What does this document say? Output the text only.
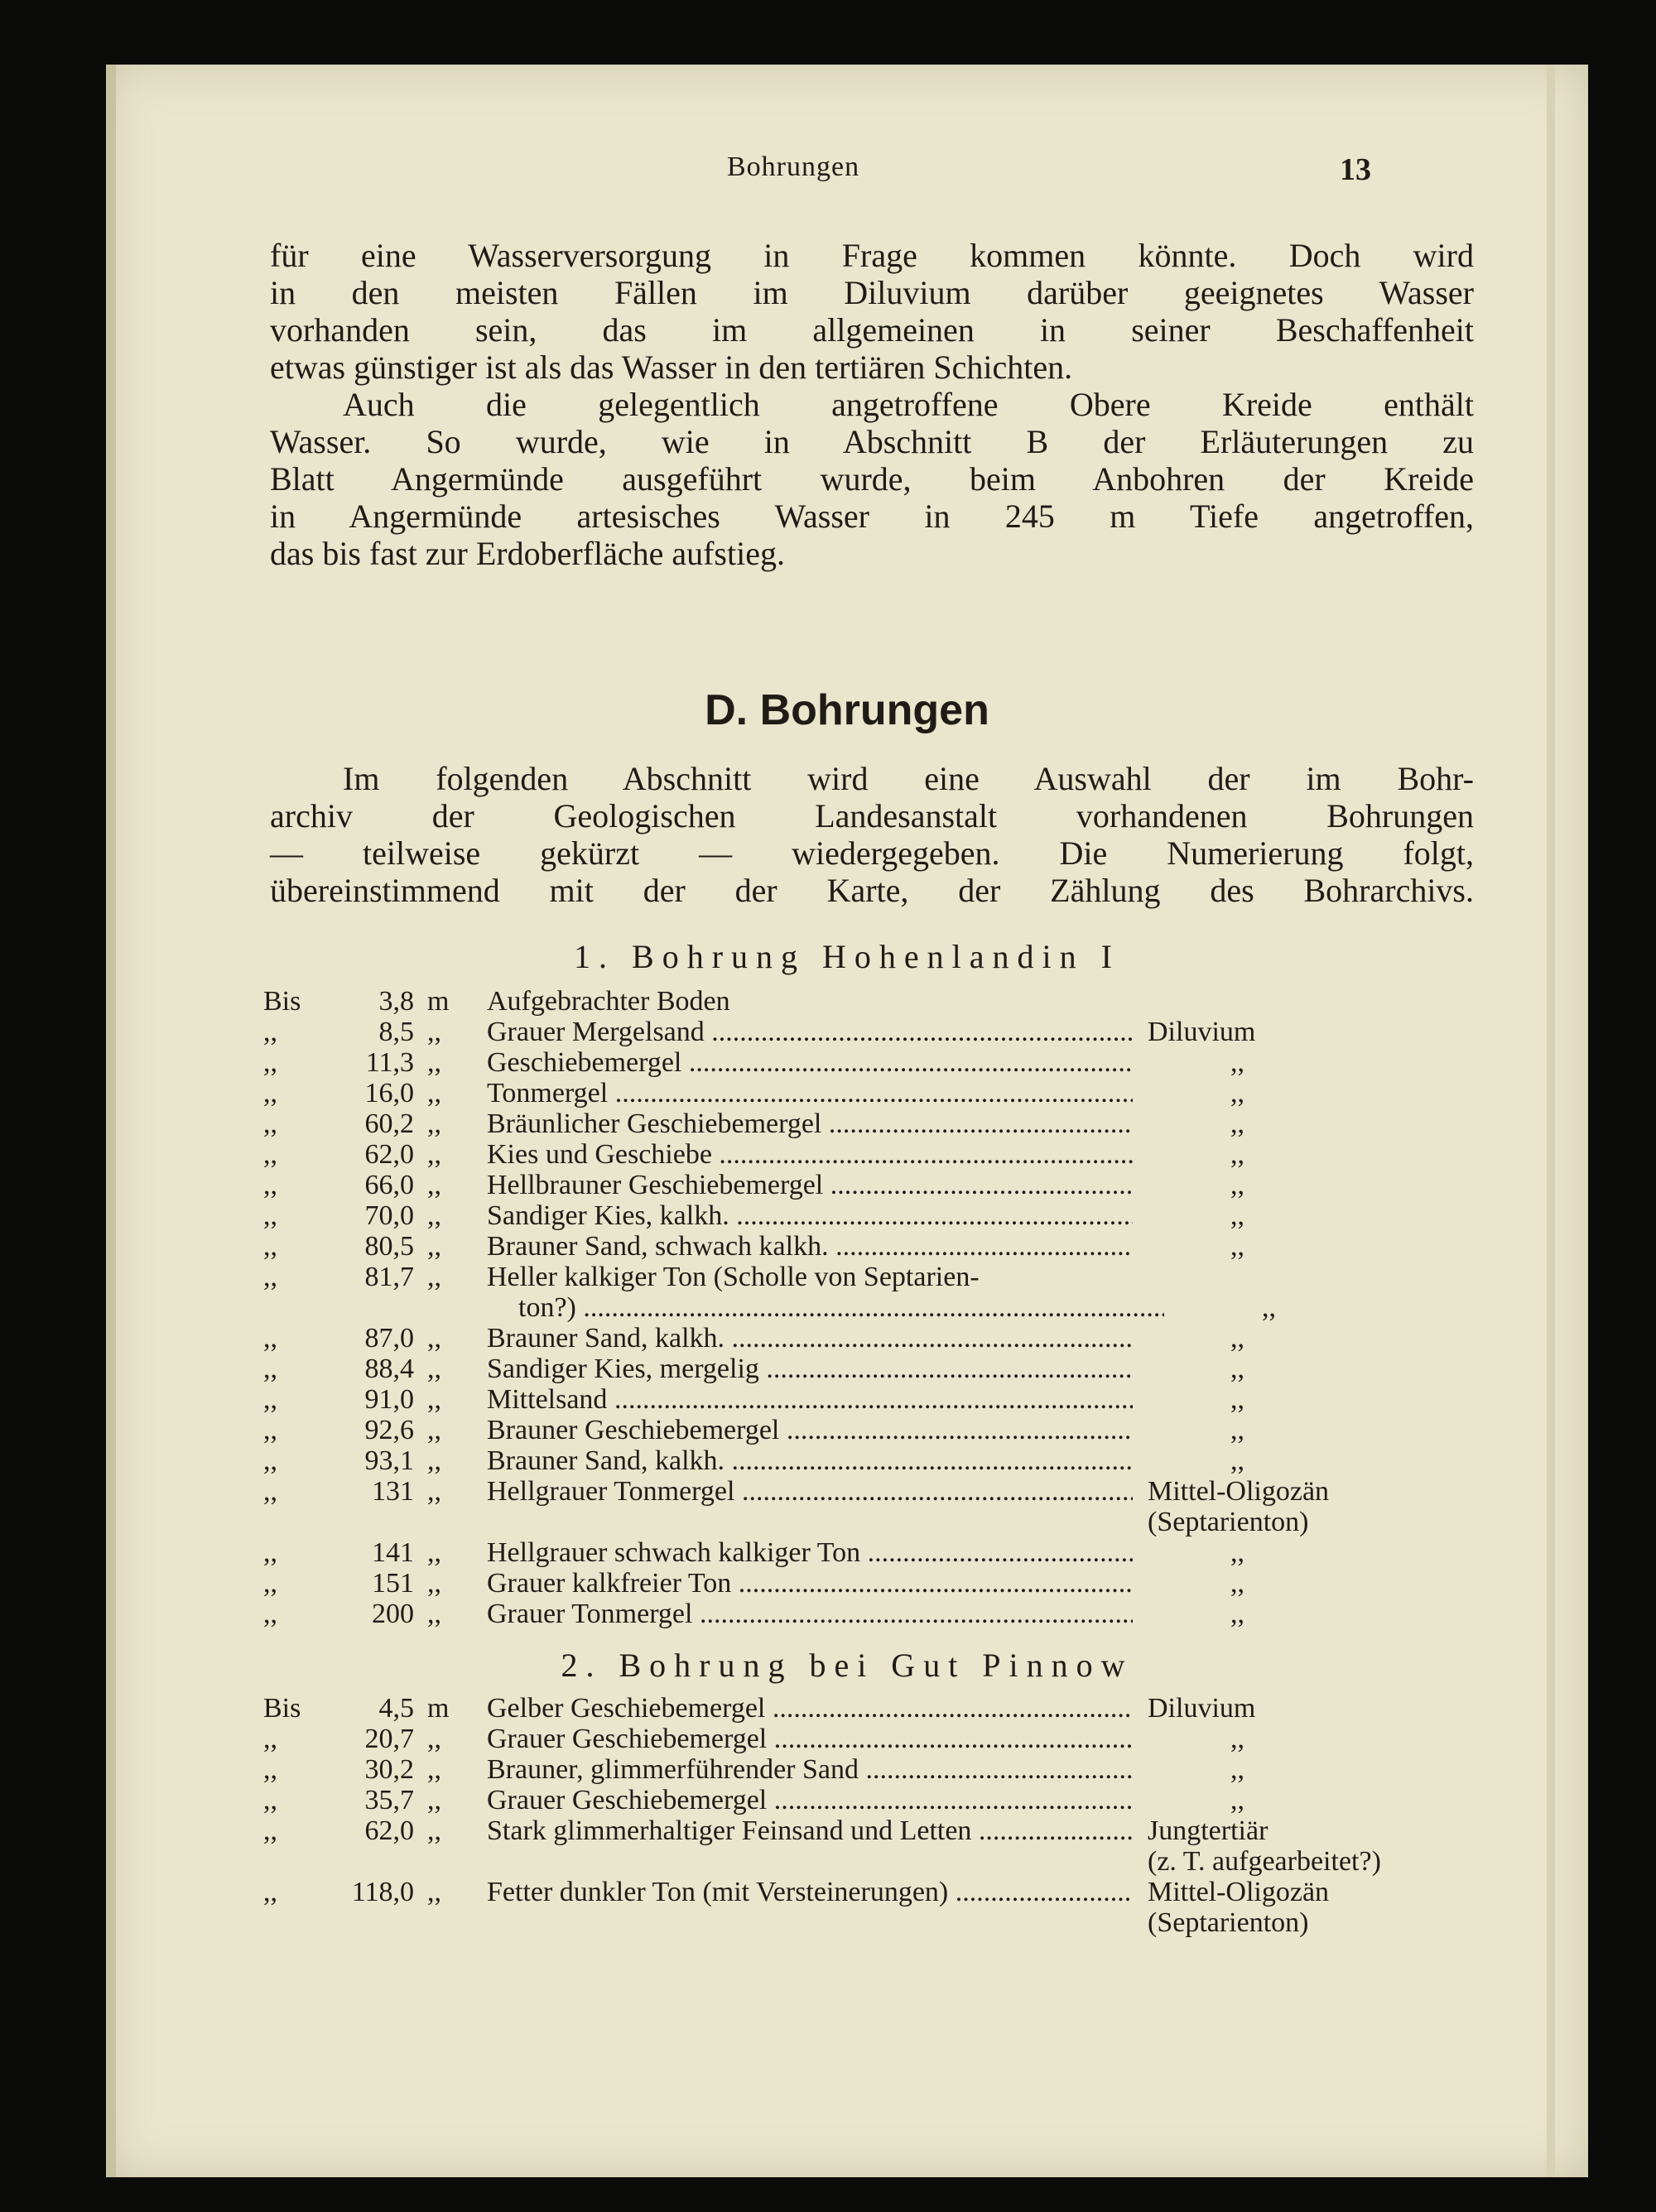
Bohrungen	13
für eine Wasserversorgung in Frage kommen könnte. Doch wird
in den meisten Fällen im Diluvium darüber geeignetes Wasser
vorhanden sein, das im allgemeinen in seiner Beschaffenheit
etwas günstiger ist als das Wasser in den tertiären Schichten.
Auch die gelegentlich angetroffene Obere Kreide enthält
Wasser. So wurde, wie in Abschnitt B der Erläuterungen zu
Blatt Angermünde ausgeführt wurde, beim Anbohren der Kreide
in Angermünde artesisches Wasser in 245 m Tiefe angetroffen,
das bis fast zur Erdoberfläche aufstieg.
D. Bohrungen
Im folgenden Abschnitt wird eine Auswahl der im Bohr-
archiv der Geologischen Landesanstalt vorhandenen Bohrungen
— teilweise gekürzt — wiedergegeben. Die Numerierung folgt,
übereinstimmend mit der der Karte, der Zählung des Bohrarchivs.
1. Bohrung Hohenlandin I
Bis	3,8 m	Aufgebrachter Boden
,,	8,5 ,,	Grauer Mergelsand .....	Diluvium
,,	11,3 ,,	Geschiebemergel .....	,,
,,	16,0 ,,	Tonmergel .....	,,
,,	60,2 ,,	Bräunlicher Geschiebemergel .....	,,
,,	62,0 ,,	Kies und Geschiebe .....	,,
,,	66,0 ,,	Hellbrauner Geschiebemergel .....	,,
,,	70,0 ,,	Sandiger Kies, kalkh. .....	,,
,,	80,5 ,,	Brauner Sand, schwach kalkh. .....	,,
,,	81,7 ,,	Heller kalkiger Ton (Scholle von Septarien-
ton?) .....	,,
,,	87,0 ,,	Brauner Sand, kalkh. .....	,,
,,	88,4 ,,	Sandiger Kies, mergelig .....	,,
,,	91,0 ,,	Mittelsand .....	,,
,,	92,6 ,,	Brauner Geschiebemergel .....	,,
,,	93,1 ,,	Brauner Sand, kalkh. .....	,,
,,	131 ,,	Hellgrauer Tonmergel .....	Mittel-Oligozän
(Septarienton)
,,	141 ,,	Hellgrauer schwach kalkiger Ton .....	,,
,,	151 ,,	Grauer kalkfreier Ton .....	,,
,,	200 ,,	Grauer Tonmergel .....	,,
2. Bohrung bei Gut Pinnow
Bis	4,5 m	Gelber Geschiebemergel .....	Diluvium
,,	20,7 ,,	Grauer Geschiebemergel .....	,,
,,	30,2 ,,	Brauner, glimmerführender Sand .....	,,
,,	35,7 ,,	Grauer Geschiebemergel .....	,,
,,	62,0 ,,	Stark glimmerhaltiger Feinsand und Letten .....	Jungtertiär
(z. T. aufgearbeitet?)
,,	118,0 ,,	Fetter dunkler Ton (mit Versteinerungen) .....	Mittel-Oligozän
(Septarienton)
